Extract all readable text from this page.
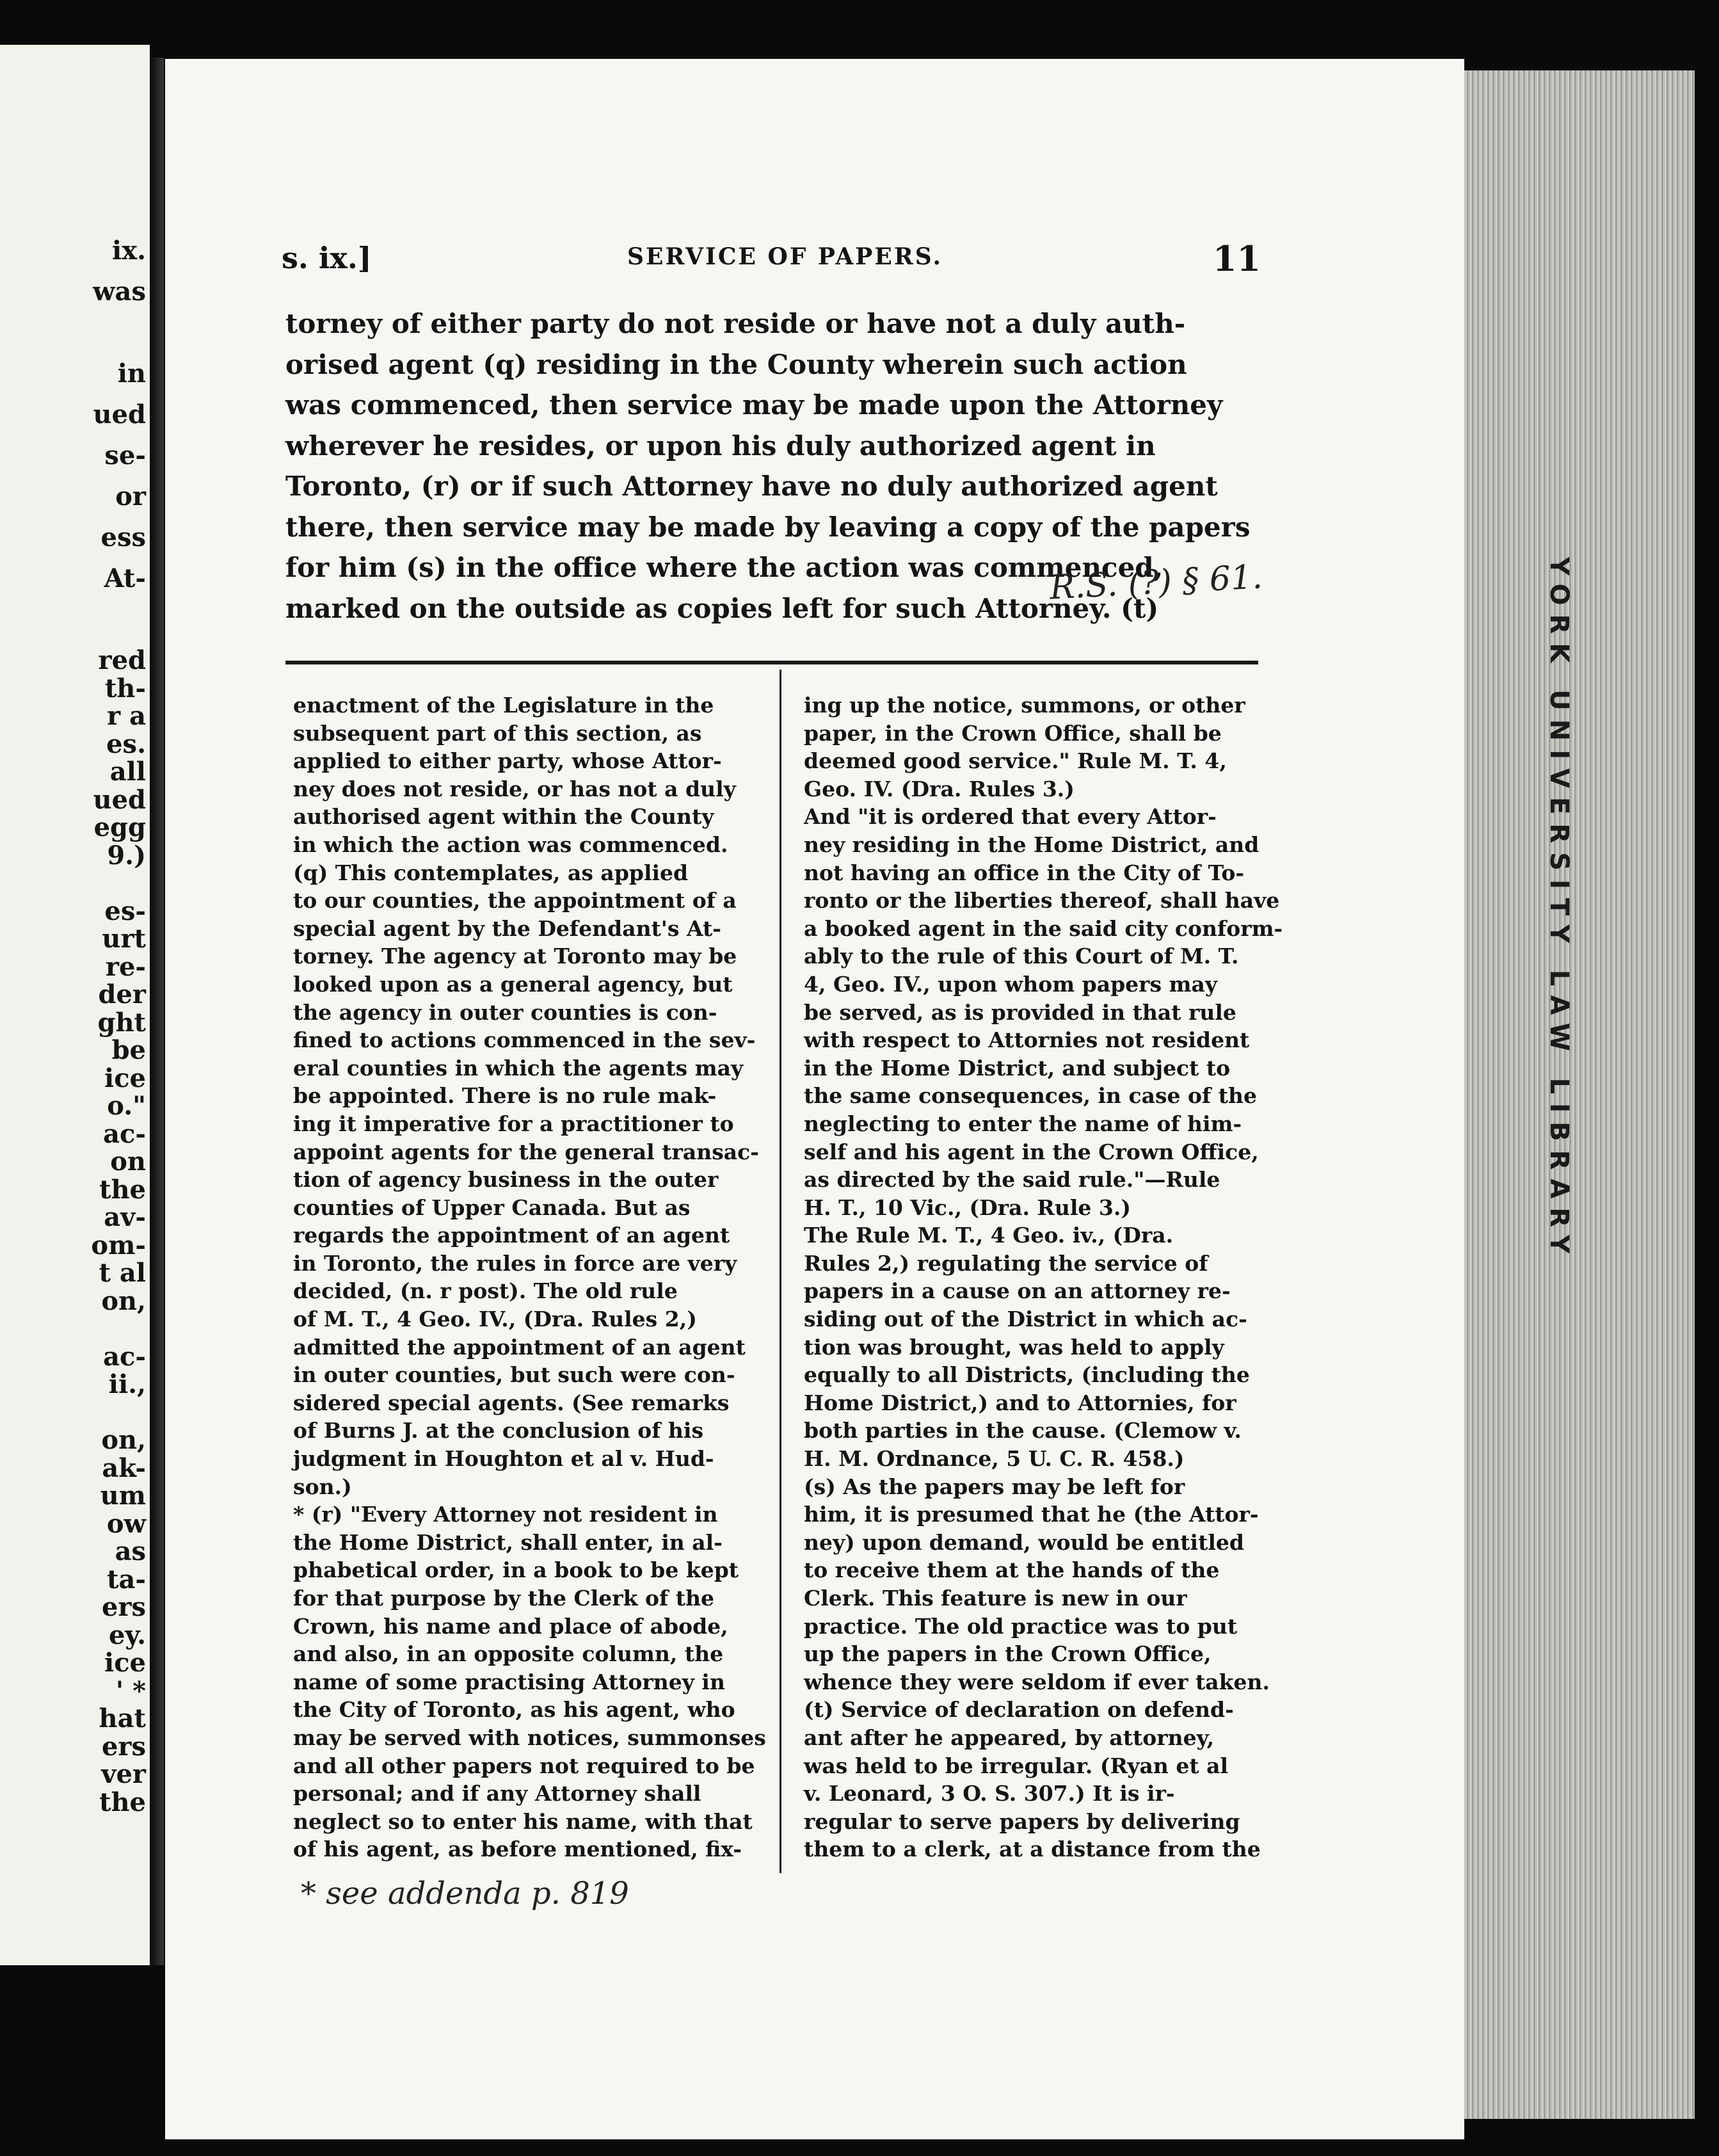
ix.
was
in
ued
se-
or
ess
At-
red
th-
r a
es.
all
ued
egg
9.)
es-
urt
re-
der
ght
be
ice
o."
ac-
on
the
av-
om-
t al
on,
ac-
ii.,
on,
ak-
um
ow
as
ta-
ers
ey.
ice
' *
hat
ers
ver
the
YORK UNIVERSITY LAW LIBRARY
s. ix.]	SERVICE OF PAPERS.	11
torney of either party do not reside or have not a duly auth-
orised agent (q) residing in the County wherein such action
was commenced, then service may be made upon the Attorney
wherever he resides, or upon his duly authorized agent in
Toronto, (r) or if such Attorney have no duly authorized agent
there, then service may be made by leaving a copy of the papers
for him (s) in the office where the action was commenced,
marked on the outside as copies left for such Attorney. (t)
R.S. (?) § 61.
enactment of the Legislature in the
subsequent part of this section, as
applied to either party, whose Attor-
ney does not reside, or has not a duly
authorised agent within the County
in which the action was commenced.
(q) This contemplates, as applied
to our counties, the appointment of a
special agent by the Defendant's At-
torney. The agency at Toronto may be
looked upon as a general agency, but
the agency in outer counties is con-
fined to actions commenced in the sev-
eral counties in which the agents may
be appointed. There is no rule mak-
ing it imperative for a practitioner to
appoint agents for the general transac-
tion of agency business in the outer
counties of Upper Canada. But as
regards the appointment of an agent
in Toronto, the rules in force are very
decided, (n. r post). The old rule
of M. T., 4 Geo. IV., (Dra. Rules 2,)
admitted the appointment of an agent
in outer counties, but such were con-
sidered special agents. (See remarks
of Burns J. at the conclusion of his
judgment in Houghton et al v. Hud-
son.)
* (r) "Every Attorney not resident in
the Home District, shall enter, in al-
phabetical order, in a book to be kept
for that purpose by the Clerk of the
Crown, his name and place of abode,
and also, in an opposite column, the
name of some practising Attorney in
the City of Toronto, as his agent, who
may be served with notices, summonses
and all other papers not required to be
personal; and if any Attorney shall
neglect so to enter his name, with that
of his agent, as before mentioned, fix-
ing up the notice, summons, or other
paper, in the Crown Office, shall be
deemed good service." Rule M. T. 4,
Geo. IV. (Dra. Rules 3.)
And "it is ordered that every Attor-
ney residing in the Home District, and
not having an office in the City of To-
ronto or the liberties thereof, shall have
a booked agent in the said city conform-
ably to the rule of this Court of M. T.
4, Geo. IV., upon whom papers may
be served, as is provided in that rule
with respect to Attornies not resident
in the Home District, and subject to
the same consequences, in case of the
neglecting to enter the name of him-
self and his agent in the Crown Office,
as directed by the said rule."—Rule
H. T., 10 Vic., (Dra. Rule 3.)
The Rule M. T., 4 Geo. iv., (Dra.
Rules 2,) regulating the service of
papers in a cause on an attorney re-
siding out of the District in which ac-
tion was brought, was held to apply
equally to all Districts, (including the
Home District,) and to Attornies, for
both parties in the cause. (Clemow v.
H. M. Ordnance, 5 U. C. R. 458.)
(s) As the papers may be left for
him, it is presumed that he (the Attor-
ney) upon demand, would be entitled
to receive them at the hands of the
Clerk. This feature is new in our
practice. The old practice was to put
up the papers in the Crown Office,
whence they were seldom if ever taken.
(t) Service of declaration on defend-
ant after he appeared, by attorney,
was held to be irregular. (Ryan et al
v. Leonard, 3 O. S. 307.) It is ir-
regular to serve papers by delivering
them to a clerk, at a distance from the
* see addenda p. 819
